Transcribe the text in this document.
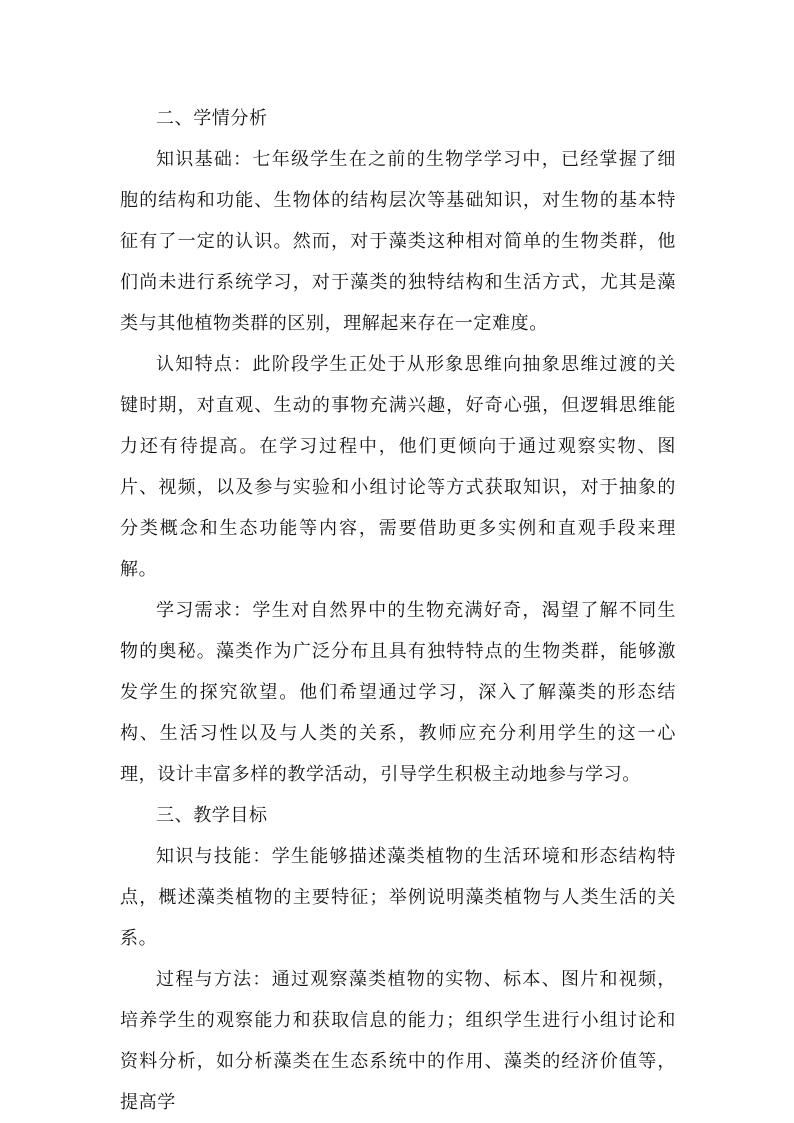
二、学情分析

知识基础：七年级学生在之前的生物学学习中，已经掌握了细胞的结构和功能、生物体的结构层次等基础知识，对生物的基本特征有了一定的认识。然而，对于藻类这种相对简单的生物类群，他们尚未进行系统学习，对于藻类的独特结构和生活方式，尤其是藻类与其他植物类群的区别，理解起来存在一定难度。

认知特点：此阶段学生正处于从形象思维向抽象思维过渡的关键时期，对直观、生动的事物充满兴趣，好奇心强，但逻辑思维能力还有待提高。在学习过程中，他们更倾向于通过观察实物、图片、视频，以及参与实验和小组讨论等方式获取知识，对于抽象的分类概念和生态功能等内容，需要借助更多实例和直观手段来理解。

学习需求：学生对自然界中的生物充满好奇，渴望了解不同生物的奥秘。藻类作为广泛分布且具有独特特点的生物类群，能够激发学生的探究欲望。他们希望通过学习，深入了解藻类的形态结构、生活习性以及与人类的关系，教师应充分利用学生的这一心理，设计丰富多样的教学活动，引导学生积极主动地参与学习。

三、教学目标

知识与技能：学生能够描述藻类植物的生活环境和形态结构特点，概述藻类植物的主要特征；举例说明藻类植物与人类生活的关系。

过程与方法：通过观察藻类植物的实物、标本、图片和视频，培养学生的观察能力和获取信息的能力；组织学生进行小组讨论和资料分析，如分析藻类在生态系统中的作用、藻类的经济价值等，提高学
